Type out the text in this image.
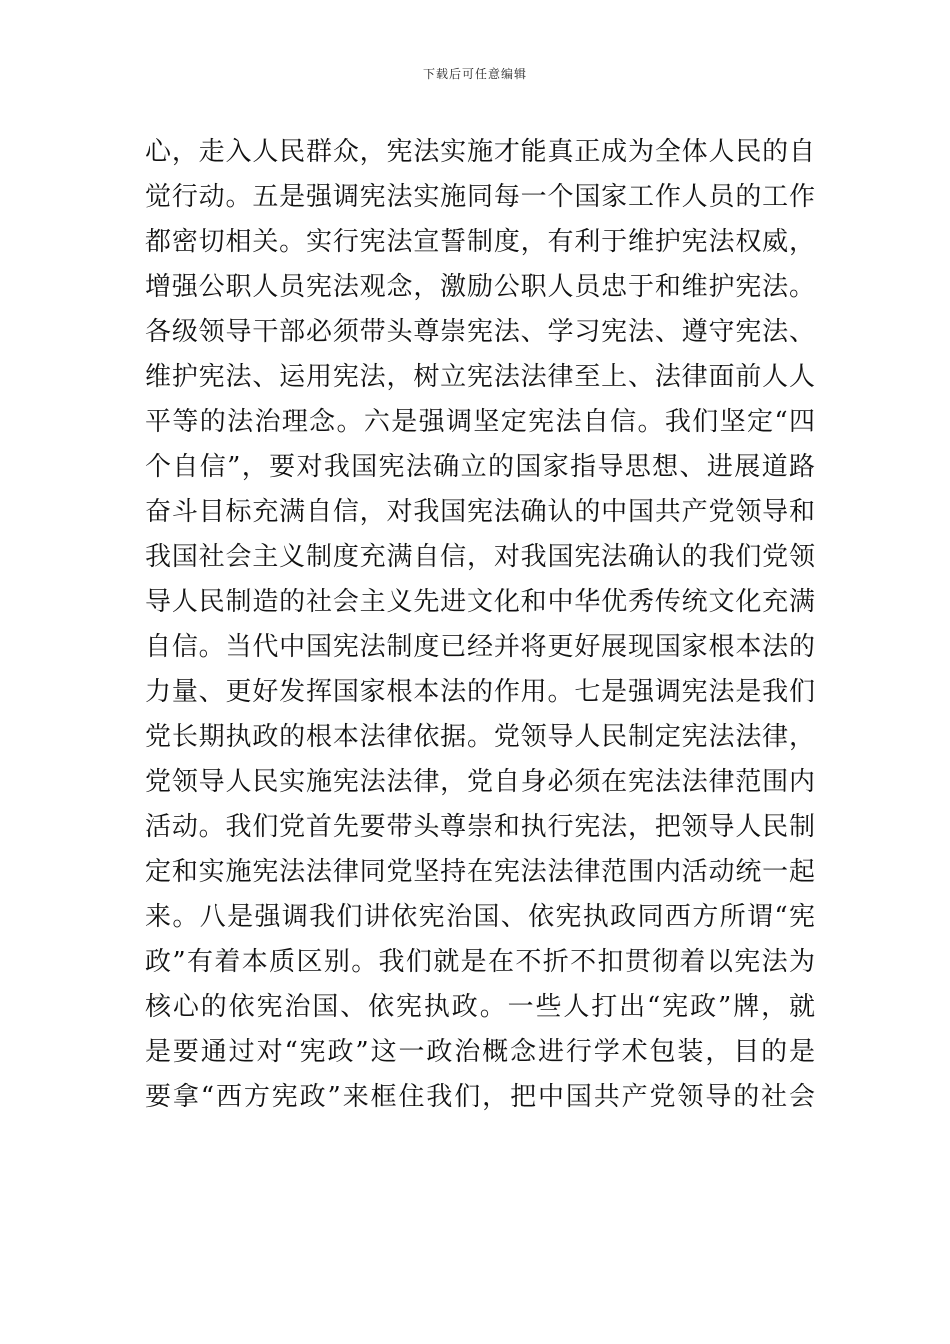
下载后可任意编辑
心，走入人民群众，宪法实施才能真正成为全体人民的自
觉行动。五是强调宪法实施同每一个国家工作人员的工作
都密切相关。实行宪法宣誓制度，有利于维护宪法权威，
增强公职人员宪法观念，激励公职人员忠于和维护宪法。
各级领导干部必须带头尊崇宪法、学习宪法、遵守宪法、
维护宪法、运用宪法，树立宪法法律至上、法律面前人人
平等的法治理念。六是强调坚定宪法自信。我们坚定“四
个自信”，要对我国宪法确立的国家指导思想、进展道路
奋斗目标充满自信，对我国宪法确认的中国共产党领导和
我国社会主义制度充满自信，对我国宪法确认的我们党领
导人民制造的社会主义先进文化和中华优秀传统文化充满
自信。当代中国宪法制度已经并将更好展现国家根本法的
力量、更好发挥国家根本法的作用。七是强调宪法是我们
党长期执政的根本法律依据。党领导人民制定宪法法律，
党领导人民实施宪法法律，党自身必须在宪法法律范围内
活动。我们党首先要带头尊崇和执行宪法，把领导人民制
定和实施宪法法律同党坚持在宪法法律范围内活动统一起
来。八是强调我们讲依宪治国、依宪执政同西方所谓“宪
政”有着本质区别。我们就是在不折不扣贯彻着以宪法为
核心的依宪治国、依宪执政。一些人打出“宪政”牌，就
是要通过对“宪政”这一政治概念进行学术包装，目的是
要拿“西方宪政”来框住我们，把中国共产党领导的社会
